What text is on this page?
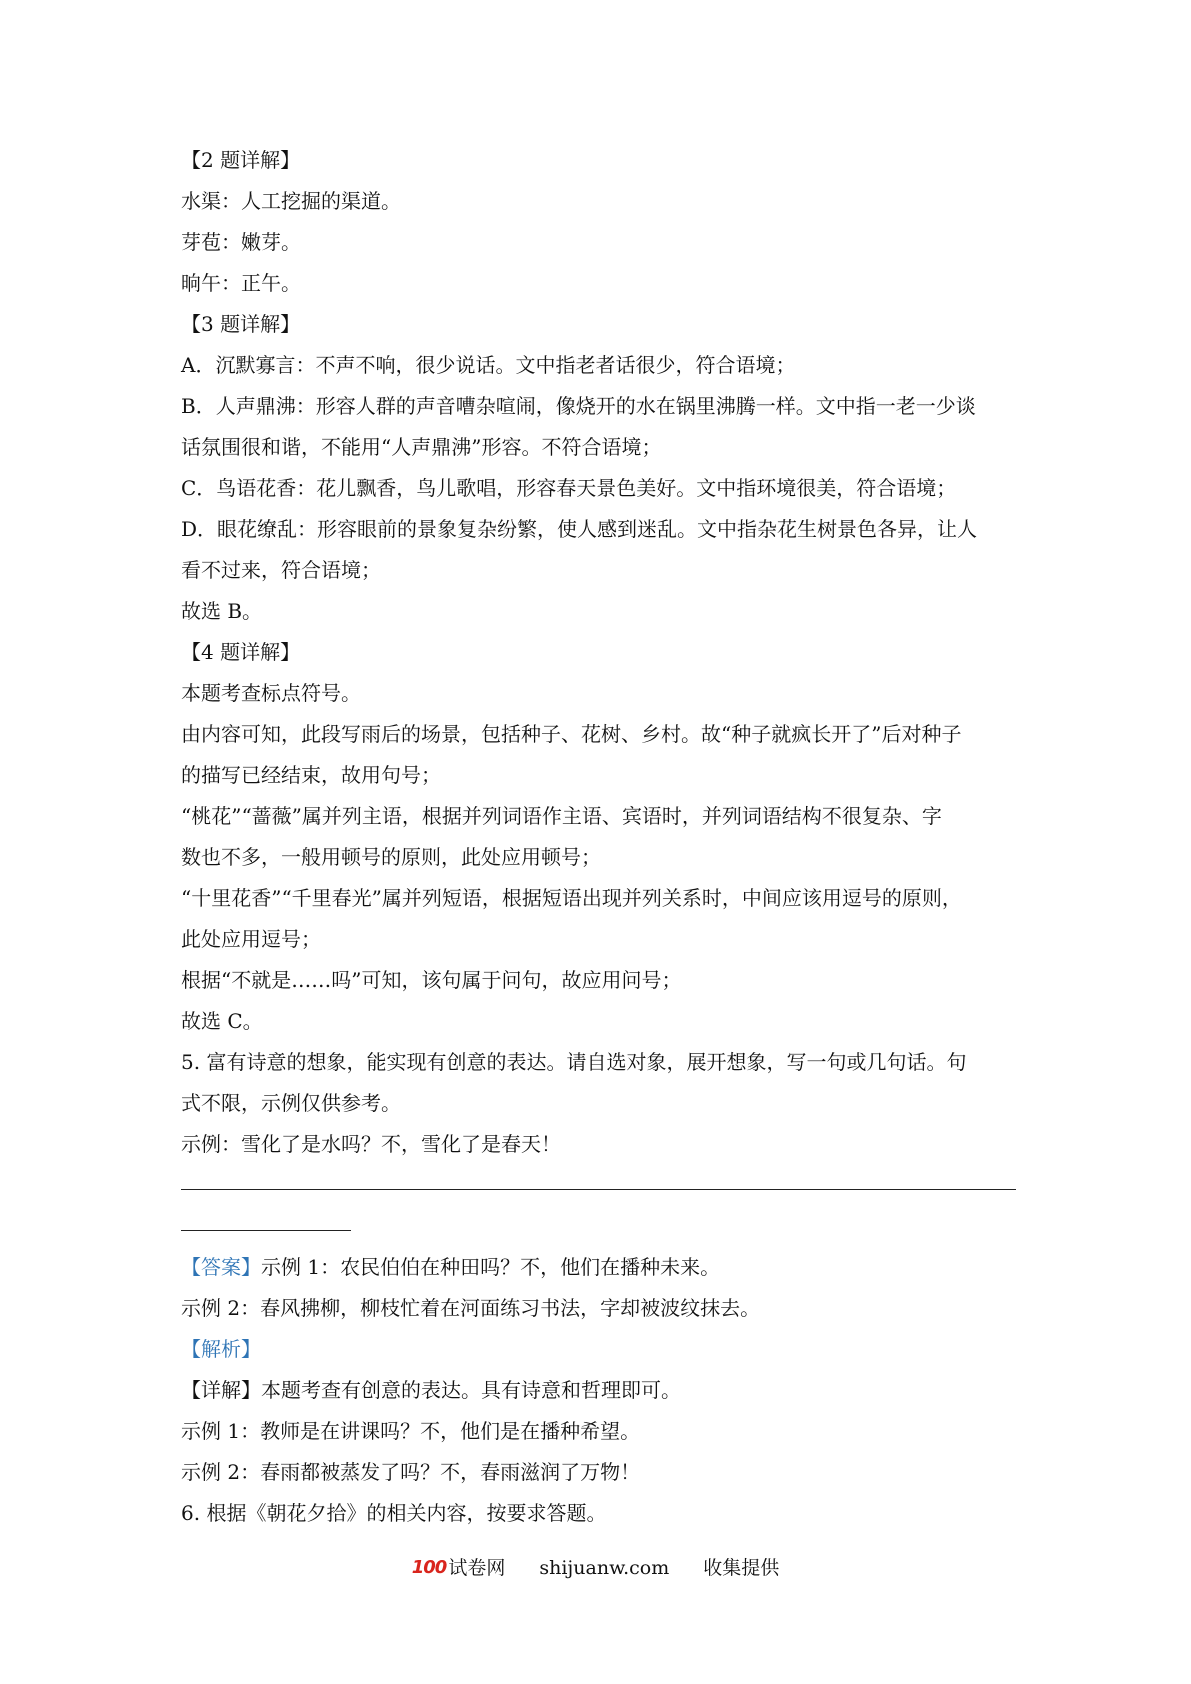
【2 题详解】
水渠：人工挖掘的渠道。
芽苞：嫩芽。
晌午：正午。
【3 题详解】
A．沉默寡言：不声不响，很少说话。文中指老者话很少，符合语境；
B．人声鼎沸：形容人群的声音嘈杂喧闹，像烧开的水在锅里沸腾一样。文中指一老一少谈
话氛围很和谐，不能用“人声鼎沸”形容。不符合语境；
C．鸟语花香：花儿飘香，鸟儿歌唱，形容春天景色美好。文中指环境很美，符合语境；
D．眼花缭乱：形容眼前的景象复杂纷繁，使人感到迷乱。文中指杂花生树景色各异，让人
看不过来，符合语境；
故选 B。
【4 题详解】
本题考查标点符号。
由内容可知，此段写雨后的场景，包括种子、花树、乡村。故“种子就疯长开了”后对种子
的描写已经结束，故用句号；
“桃花”“蔷薇”属并列主语，根据并列词语作主语、宾语时，并列词语结构不很复杂、字
数也不多，一般用顿号的原则，此处应用顿号；
“十里花香”“千里春光”属并列短语，根据短语出现并列关系时，中间应该用逗号的原则，
此处应用逗号；
根据“不就是……吗”可知，该句属于问句，故应用问号；
故选 C。
5. 富有诗意的想象，能实现有创意的表达。请自选对象，展开想象，写一句或几句话。句
式不限，示例仅供参考。
示例：雪化了是水吗？不，雪化了是春天！
【答案】示例 1：农民伯伯在种田吗？不，他们在播种未来。
示例 2：春风拂柳，柳枝忙着在河面练习书法，字却被波纹抹去。
【解析】
【详解】本题考查有创意的表达。具有诗意和哲理即可。
示例 1：教师是在讲课吗？不，他们是在播种希望。
示例 2：春雨都被蒸发了吗？不，春雨滋润了万物！
6. 根据《朝花夕拾》的相关内容，按要求答题。
100 试卷网 shijuanw.com 收集提供
